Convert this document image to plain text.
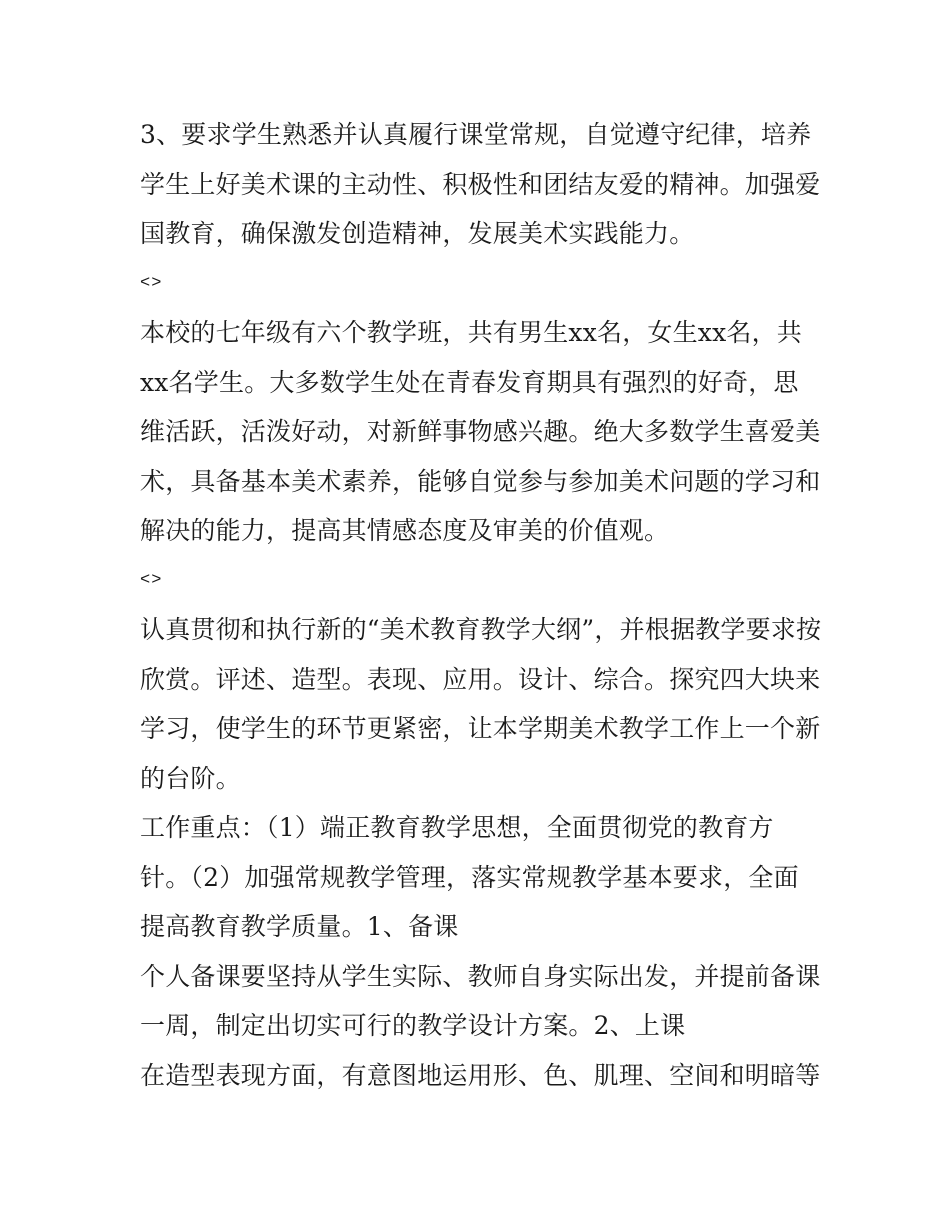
3、要求学生熟悉并认真履行课堂常规，自觉遵守纪律，培养
学生上好美术课的主动性、积极性和团结友爱的精神。加强爱
国教育，确保激发创造精神，发展美术实践能力。
<>
本校的七年级有六个教学班，共有男生xx名，女生xx名，共
xx名学生。大多数学生处在青春发育期具有强烈的好奇，思
维活跃，活泼好动，对新鲜事物感兴趣。绝大多数学生喜爱美
术，具备基本美术素养，能够自觉参与参加美术问题的学习和
解决的能力，提高其情感态度及审美的价值观。
<>
认真贯彻和执行新的“美术教育教学大纲”，并根据教学要求按
欣赏。评述、造型。表现、应用。设计、综合。探究四大块来
学习，使学生的环节更紧密，让本学期美术教学工作上一个新
的台阶。
工作重点：（1）端正教育教学思想，全面贯彻党的教育方
针。（2）加强常规教学管理，落实常规教学基本要求，全面
提高教育教学质量。1、备课
个人备课要坚持从学生实际、教师自身实际出发，并提前备课
一周，制定出切实可行的教学设计方案。2、上课
在造型表现方面，有意图地运用形、色、肌理、空间和明暗等
